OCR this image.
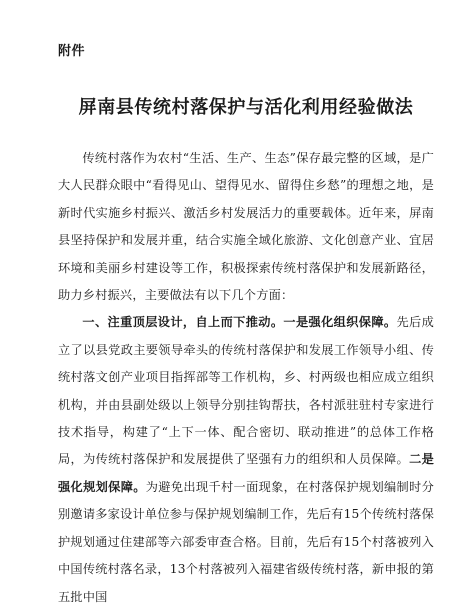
附件
屏南县传统村落保护与活化利用经验做法

传统村落作为农村“生活、生产、生态”保存最完整的区域，是广大人民群众眼中“看得见山、望得见水、留得住乡愁”的理想之地，是新时代实施乡村振兴、激活乡村发展活力的重要载体。近年来，屏南县坚持保护和发展并重，结合实施全域化旅游、文化创意产业、宜居环境和美丽乡村建设等工作，积极探索传统村落保护和发展新路径，助力乡村振兴，主要做法有以下几个方面：

一、注重顶层设计，自上而下推动。一是强化组织保障。先后成立了以县党政主要领导牵头的传统村落保护和发展工作领导小组、传统村落文创产业项目指挥部等工作机构，乡、村两级也相应成立组织机构，并由县副处级以上领导分别挂钩帮扶，各村派驻驻村专家进行技术指导，构建了“上下一体、配合密切、联动推进”的总体工作格局，为传统村落保护和发展提供了坚强有力的组织和人员保障。二是强化规划保障。为避免出现千村一面现象，在村落保护规划编制时分别邀请多家设计单位参与保护规划编制工作，先后有15个传统村落保护规划通过住建部等六部委审查合格。目前，先后有15个村落被列入中国传统村落名录，13个村落被列入福建省级传统村落，新申报的第五批中国
